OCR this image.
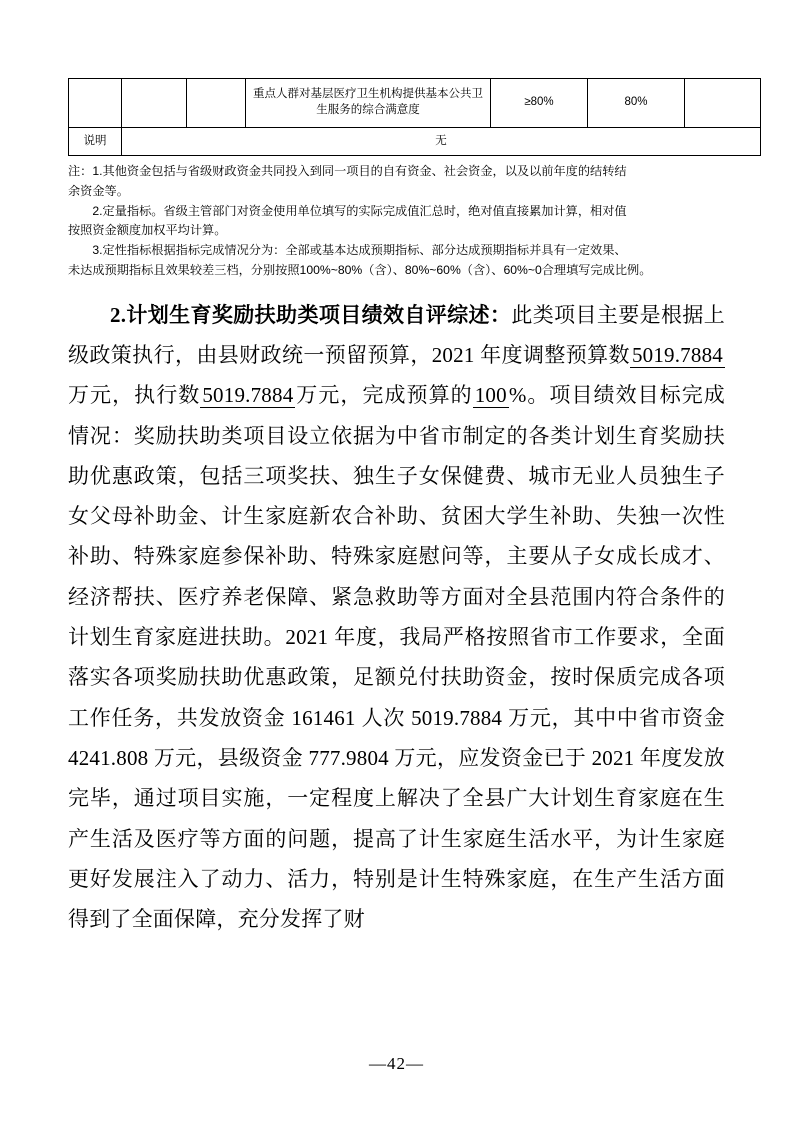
			重点人群对基层医疗卫生机构提供基本公共卫生服务的综合满意度	≥80%	80%	
说明	无					

注：1.其他资金包括与省级财政资金共同投入到同一项目的自有资金、社会资金，以及以前年度的结转结

余资金等。

2.定量指标。省级主管部门对资金使用单位填写的实际完成值汇总时，绝对值直接累加计算，相对值

按照资金额度加权平均计算。

3.定性指标根据指标完成情况分为：全部或基本达成预期指标、部分达成预期指标并具有一定效果、

未达成预期指标且效果较差三档，分别按照100%~80%（含）、80%~60%（含）、60%~0合理填写完成比例。

2.计划生育奖励扶助类项目绩效自评综述：此类项目主要是根据上级政策执行，由县财政统一预留预算，2021 年度调整预算数5019.7884万元，执行数5019.7884万元，完成预算的100%。项目绩效目标完成情况：奖励扶助类项目设立依据为中省市制定的各类计划生育奖励扶助优惠政策，包括三项奖扶、独生子女保健费、城市无业人员独生子女父母补助金、计生家庭新农合补助、贫困大学生补助、失独一次性补助、特殊家庭参保补助、特殊家庭慰问等，主要从子女成长成才、经济帮扶、医疗养老保障、紧急救助等方面对全县范围内符合条件的计划生育家庭进扶助。2021 年度，我局严格按照省市工作要求，全面落实各项奖励扶助优惠政策，足额兑付扶助资金，按时保质完成各项工作任务，共发放资金 161461 人次 5019.7884 万元，其中中省市资金 4241.808 万元，县级资金 777.9804 万元，应发资金已于 2021 年度发放完毕，通过项目实施，一定程度上解决了全县广大计划生育家庭在生产生活及医疗等方面的问题，提高了计生家庭生活水平，为计生家庭更好发展注入了动力、活力，特别是计生特殊家庭，在生产生活方面得到了全面保障，充分发挥了财
—42—
